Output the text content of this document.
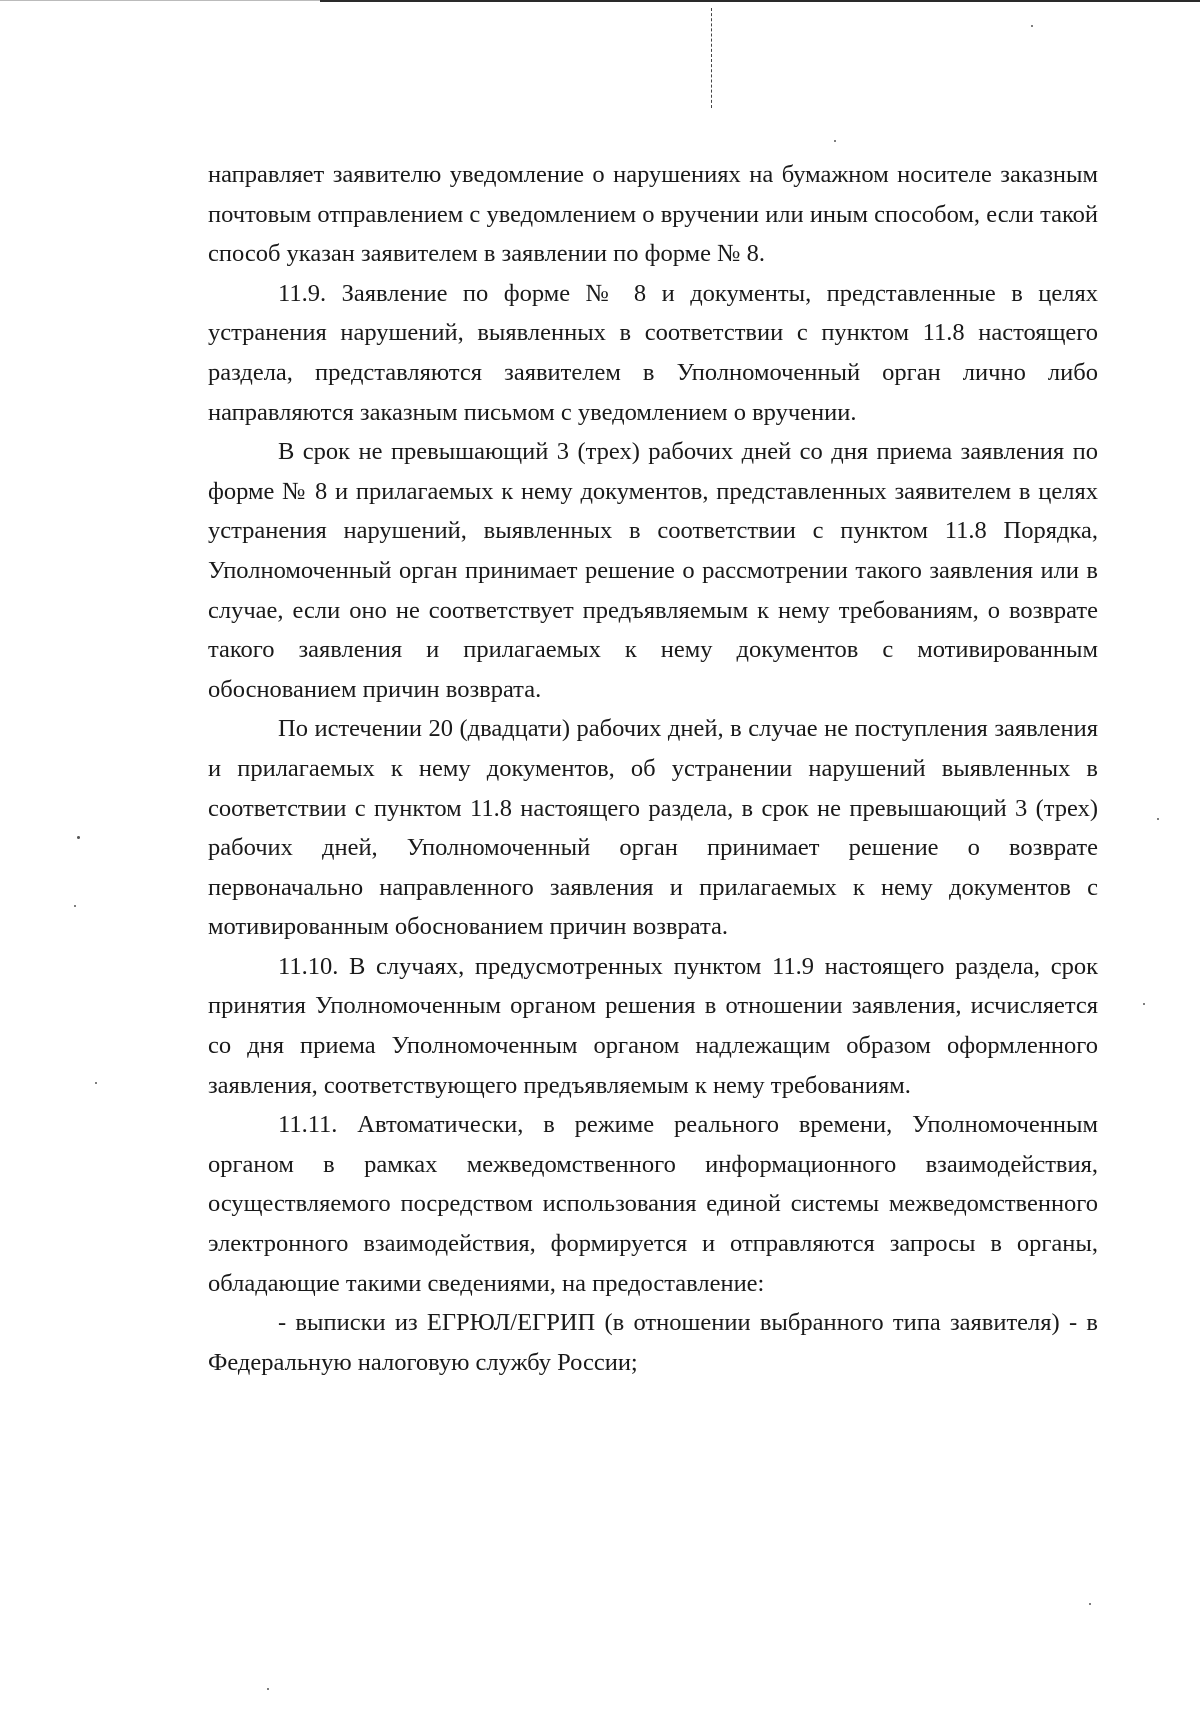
направляет заявителю уведомление о нарушениях на бумажном носителе заказным почтовым отправлением с уведомлением о вручении или иным способом, если такой способ указан заявителем в заявлении по форме № 8.

11.9. Заявление по форме № 8 и документы, представленные в целях устранения нарушений, выявленных в соответствии с пунктом 11.8 настоящего раздела, представляются заявителем в Уполномоченный орган лично либо направляются заказным письмом с уведомлением о вручении.

В срок не превышающий 3 (трех) рабочих дней со дня приема заявления по форме № 8 и прилагаемых к нему документов, представленных заявителем в целях устранения нарушений, выявленных в соответствии с пунктом 11.8 Порядка, Уполномоченный орган принимает решение о рассмотрении такого заявления или в случае, если оно не соответствует предъявляемым к нему требованиям, о возврате такого заявления и прилагаемых к нему документов с мотивированным обоснованием причин возврата.

По истечении 20 (двадцати) рабочих дней, в случае не поступления заявления и прилагаемых к нему документов, об устранении нарушений выявленных в соответствии с пунктом 11.8 настоящего раздела, в срок не превышающий 3 (трех) рабочих дней, Уполномоченный орган принимает решение о возврате первоначально направленного заявления и прилагаемых к нему документов с мотивированным обоснованием причин возврата.

11.10. В случаях, предусмотренных пунктом 11.9 настоящего раздела, срок принятия Уполномоченным органом решения в отношении заявления, исчисляется со дня приема Уполномоченным органом надлежащим образом оформленного заявления, соответствующего предъявляемым к нему требованиям.

11.11. Автоматически, в режиме реального времени, Уполномоченным органом в рамках межведомственного информационного взаимодействия, осуществляемого посредством использования единой системы межведомственного электронного взаимодействия, формируется и отправляются запросы в органы, обладающие такими сведениями, на предоставление:

- выписки из ЕГРЮЛ/ЕГРИП (в отношении выбранного типа заявителя) - в Федеральную налоговую службу России;
